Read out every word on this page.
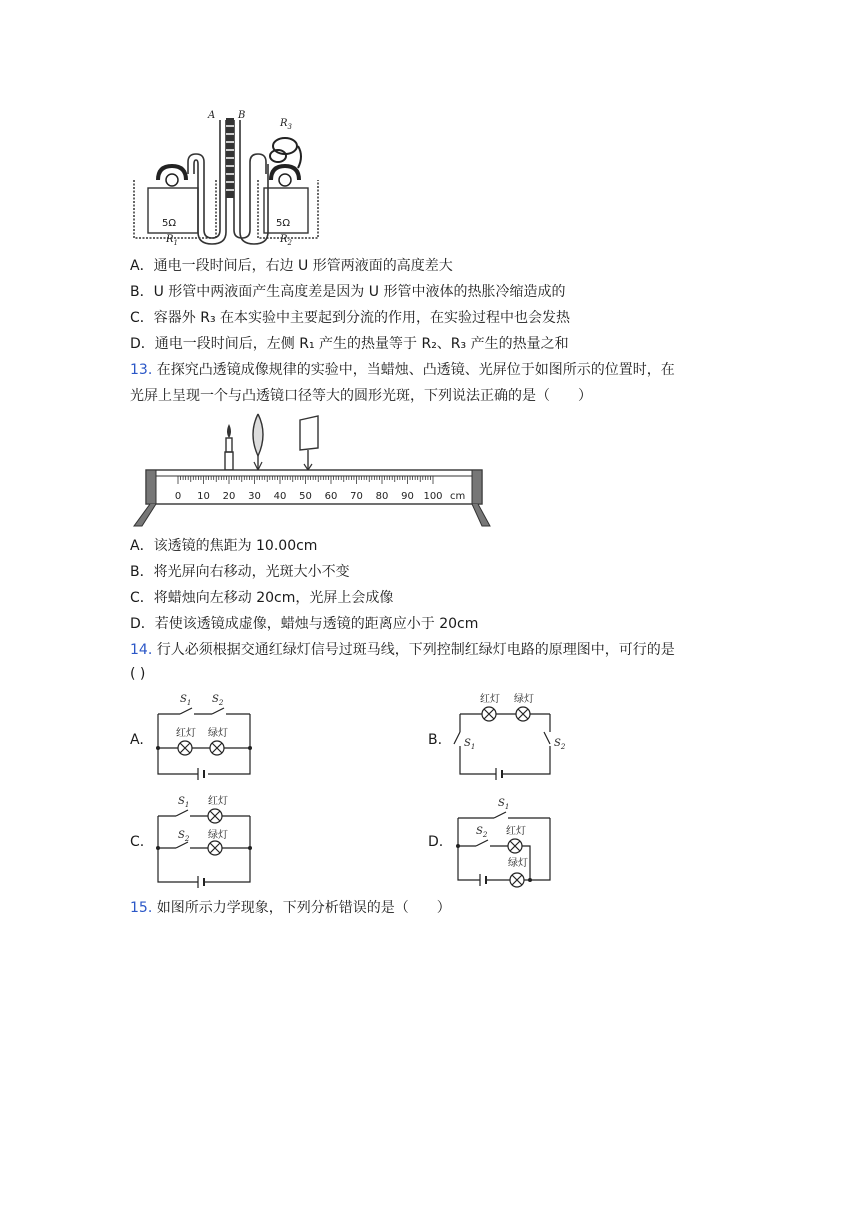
A B
$R_3$
5Ω	5Ω
$R_1$	$R_2$
A．通电一段时间后，右边 U 形管两液面的高度差大
B．U 形管中两液面产生高度差是因为 U 形管中液体的热胀冷缩造成的
C．容器外 R₃ 在本实验中主要起到分流的作用，在实验过程中也会发热
D．通电一段时间后，左侧 R₁ 产生的热量等于 R₂、R₃ 产生的热量之和
13. 在探究凸透镜成像规律的实验中，当蜡烛、凸透镜、光屏位于如图所示的位置时，在
光屏上呈现一个与凸透镜口径等大的圆形光斑，下列说法正确的是（　　）
0 10 20 30 40 50 60 70 80 90 100 cm
A．该透镜的焦距为 10.00cm
B．将光屏向右移动，光斑大小不变
C．将蜡烛向左移动 20cm，光屏上会成像
D．若使该透镜成虚像，蜡烛与透镜的距离应小于 20cm
14. 行人必须根据交通红绿灯信号过斑马线，下列控制红绿灯电路的原理图中，可行的是
( )
A.
$S_1$ $S_2$
红灯 绿灯	B.
红灯 绿灯
$S_1$	$S_2$
C.
$S_1$
$S_2$
红灯
绿灯	D.
$S_1$
$S_2$ 红灯
绿灯
15. 如图所示力学现象，下列分析错误的是（　　）
